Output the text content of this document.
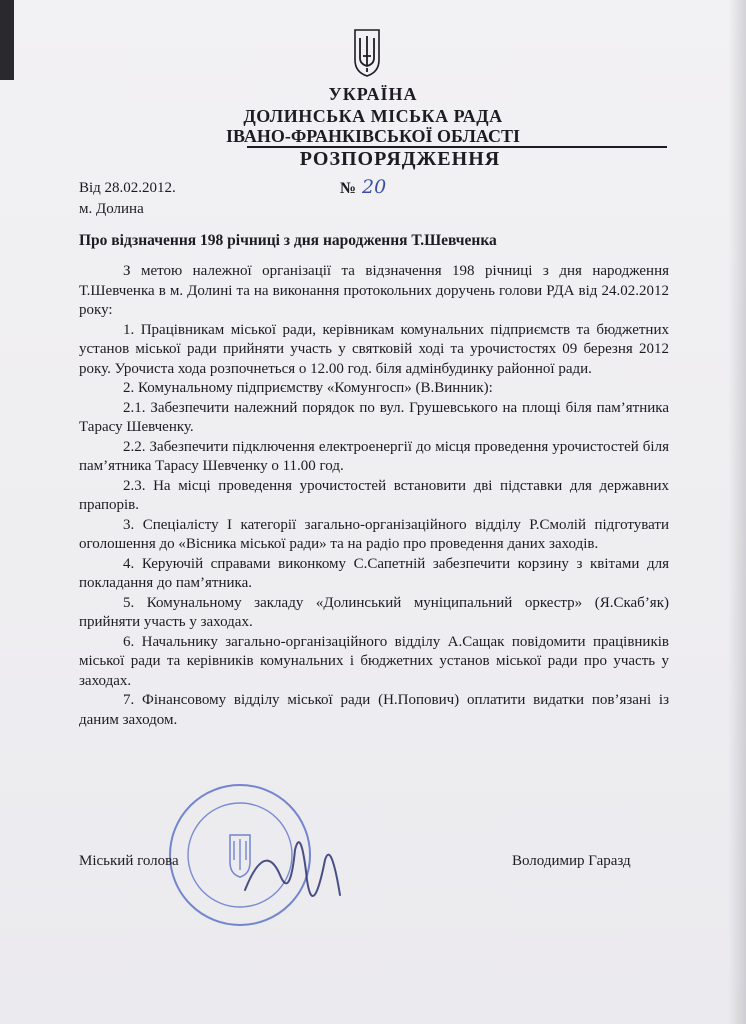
УКРАЇНА
ДОЛИНСЬКА МІСЬКА РАДА
ІВАНО-ФРАНКІВСЬКОЇ ОБЛАСТІ
РОЗПОРЯДЖЕННЯ
Від 28.02.2012.	№ 20
м. Долина
Про відзначення 198 річниці з дня народження Т.Шевченка

З метою належної організації та відзначення 198 річниці з дня народження Т.Шевченка в м. Долині та на виконання протокольних доручень голови РДА від 24.02.2012 року:

1. Працівникам міської ради, керівникам комунальних підприємств та бюджетних установ міської ради прийняти участь у святковій ході та урочистостях 09 березня 2012 року. Урочиста хода розпочнеться о 12.00 год. біля адмінбудинку районної ради.

2. Комунальному підприємству «Комунгосп» (В.Винник):

2.1. Забезпечити належний порядок по вул. Грушевського на площі біля пам’ятника Тарасу Шевченку.

2.2. Забезпечити підключення електроенергії до місця проведення урочистостей біля пам’ятника Тарасу Шевченку о 11.00 год.

2.3. На місці проведення урочистостей встановити дві підставки для державних прапорів.

3. Спеціалісту І категорії загально-організаційного відділу Р.Смолій підготувати оголошення до «Вісника міської ради» та на радіо про проведення даних заходів.

4. Керуючій справами виконкому С.Сапетній забезпечити корзину з квітами для покладання до пам’ятника.

5. Комунальному закладу «Долинський муніципальний оркестр» (Я.Скаб’як) прийняти участь у заходах.

6. Начальнику загально-організаційного відділу А.Сащак повідомити працівників міської ради та керівників комунальних і бюджетних установ міської ради про участь у заходах.

7. Фінансовому відділу міської ради (Н.Попович) оплатити видатки пов’язані із даним заходом.

Міський голова	Володимир Гаразд
